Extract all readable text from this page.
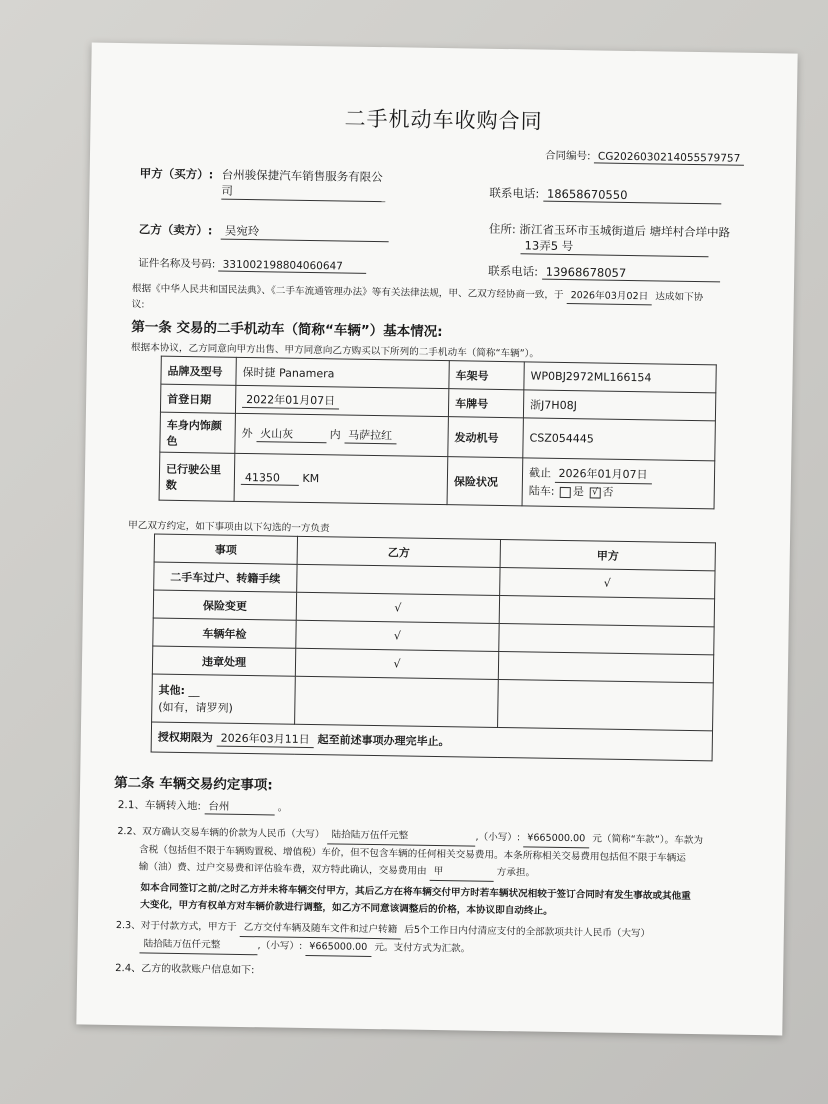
二手机动车收购合同
合同编号: CG2026030214055579757
甲方（买方）: 台州骏保捷汽车销售服务有限公
司	联系电话: 18658670550
乙方（卖方）:	吴宛玲	住所: 浙江省玉环市玉城街道后 塘垟村合垟中路
13弄5 号
证件名称及号码: 331002198804060647	联系电话: 13968678057
根据《中华人民共和国民法典》、《二手车流通管理办法》等有关法律法规，甲、乙双方经协商一致，于 2026年03月02日 达成如下协
议:
第一条 交易的二手机动车（简称“车辆”）基本情况:
根据本协议，乙方同意向甲方出售、甲方同意向乙方购买以下所列的二手机动车（简称“车辆”）。
品牌及型号	保时捷 Panamera	车架号	WP0BJ2972ML166154
首登日期	2022年01月07日	车牌号	浙J7H08J
车身内饰颜色	外 火山灰 内 马萨拉红	发动机号	CSZ054445
已行驶公里数	41350 KM	保险状况	截止 2026年01月07日
陆车: 是 √ 否
甲乙双方约定，如下事项由以下勾选的一方负责
事项	乙方	甲方
二手车过户、转籍手续		√
保险变更	√	
车辆年检	√	
违章处理	√	
其他: __
(如有，请罗列)		
授权期限为 2026年03月11日 起至前述事项办理完毕止。		
第二条 车辆交易约定事项:
2.1、车辆转入地: 台州	。
2.2、双方确认交易车辆的价款为人民币（大写） 陆拾陆万伍仟元整	,（小写）: ¥665000.00 元（简称“车款”）。车款为
含税（包括但不限于车辆购置税、增值税）车价，但不包含车辆的任何相关交易费用。本条所称相关交易费用包括但不限于车辆运
输（油）费、过户交易费和评估验车费，双方特此确认，交易费用由 甲	方承担。
如本合同签订之前/之时乙方并未将车辆交付甲方，其后乙方在将车辆交付甲方时若车辆状况相较于签订合同时有发生事故或其他重
大变化，甲方有权单方对车辆价款进行调整，如乙方不同意该调整后的价格，本协议即自动终止。
2.3、对于付款方式，甲方于 乙方交付车辆及随车文件和过户转籍 后5个工作日内付清应支付的全部款项共计人民币（大写）
陆拾陆万伍仟元整	,（小写）: ¥665000.00 元。支付方式为汇款。
2.4、乙方的收款账户信息如下:
